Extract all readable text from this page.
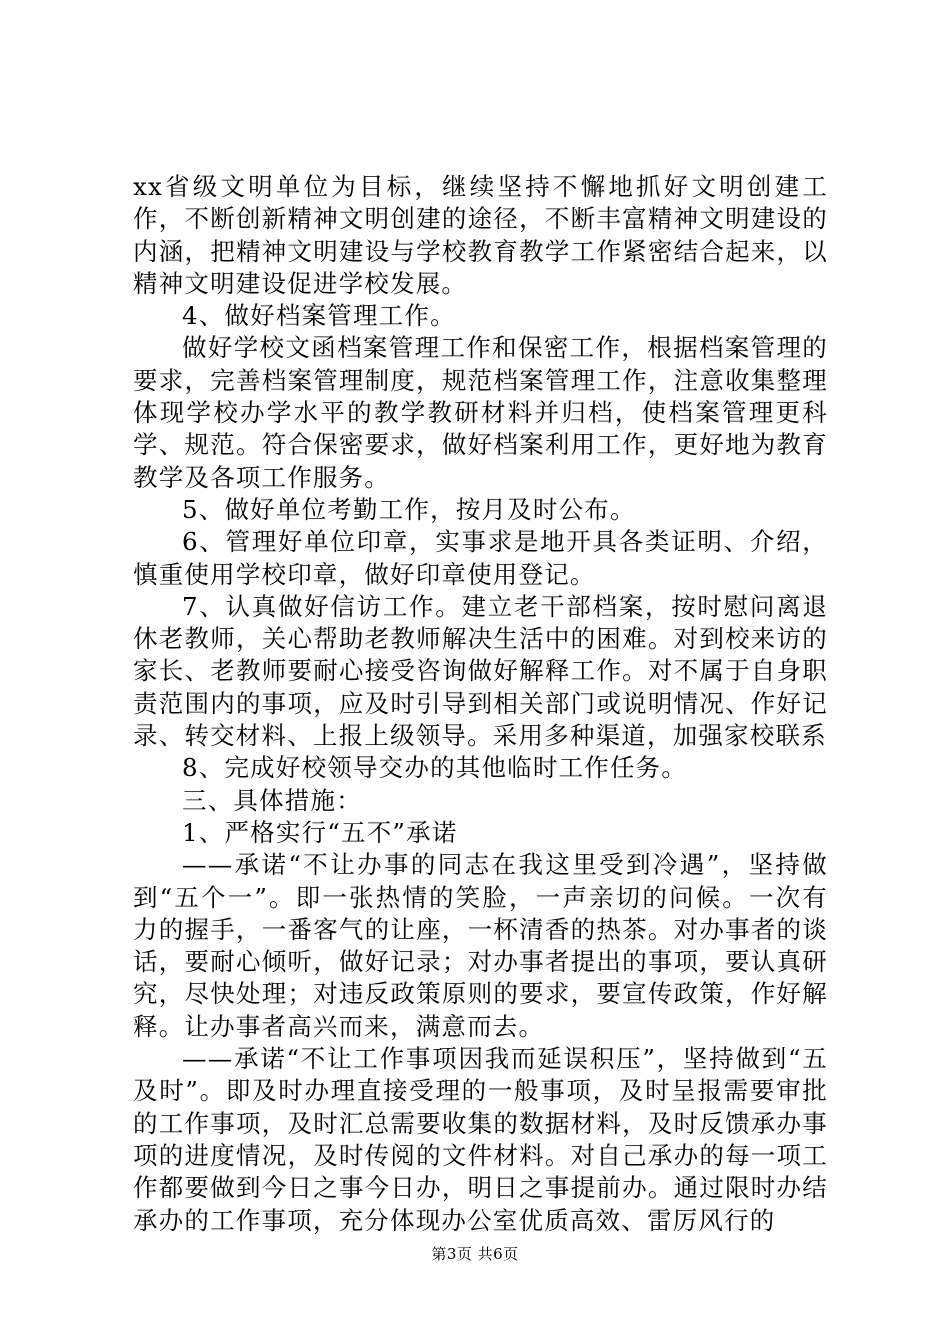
xx省级文明单位为目标，继续坚持不懈地抓好文明创建工作，不断创新精神文明创建的途径，不断丰富精神文明建设的内涵，把精神文明建设与学校教育教学工作紧密结合起来，以精神文明建设促进学校发展。

4、做好档案管理工作。

做好学校文函档案管理工作和保密工作，根据档案管理的要求，完善档案管理制度，规范档案管理工作，注意收集整理体现学校办学水平的教学教研材料并归档，使档案管理更科学、规范。符合保密要求，做好档案利用工作，更好地为教育教学及各项工作服务。

5、做好单位考勤工作，按月及时公布。

6、管理好单位印章，实事求是地开具各类证明、介绍，慎重使用学校印章，做好印章使用登记。

7、认真做好信访工作。建立老干部档案，按时慰问离退休老教师，关心帮助老教师解决生活中的困难。对到校来访的家长、老教师要耐心接受咨询做好解释工作。对不属于自身职责范围内的事项，应及时引导到相关部门或说明情况、作好记录、转交材料、上报上级领导。采用多种渠道，加强家校联系

8、完成好校领导交办的其他临时工作任务。

三、具体措施：

1、严格实行“五不”承诺

——承诺“不让办事的同志在我这里受到冷遇”，坚持做到“五个一”。即一张热情的笑脸，一声亲切的问候。一次有力的握手，一番客气的让座，一杯清香的热茶。对办事者的谈话，要耐心倾听，做好记录；对办事者提出的事项，要认真研究，尽快处理；对违反政策原则的要求，要宣传政策，作好解释。让办事者高兴而来，满意而去。

——承诺“不让工作事项因我而延误积压”，坚持做到“五及时”。即及时办理直接受理的一般事项，及时呈报需要审批的工作事项，及时汇总需要收集的数据材料，及时反馈承办事项的进度情况，及时传阅的文件材料。对自己承办的每一项工作都要做到今日之事今日办，明日之事提前办。通过限时办结承办的工作事项，充分体现办公室优质高效、雷厉风行的

第3页 共6页
